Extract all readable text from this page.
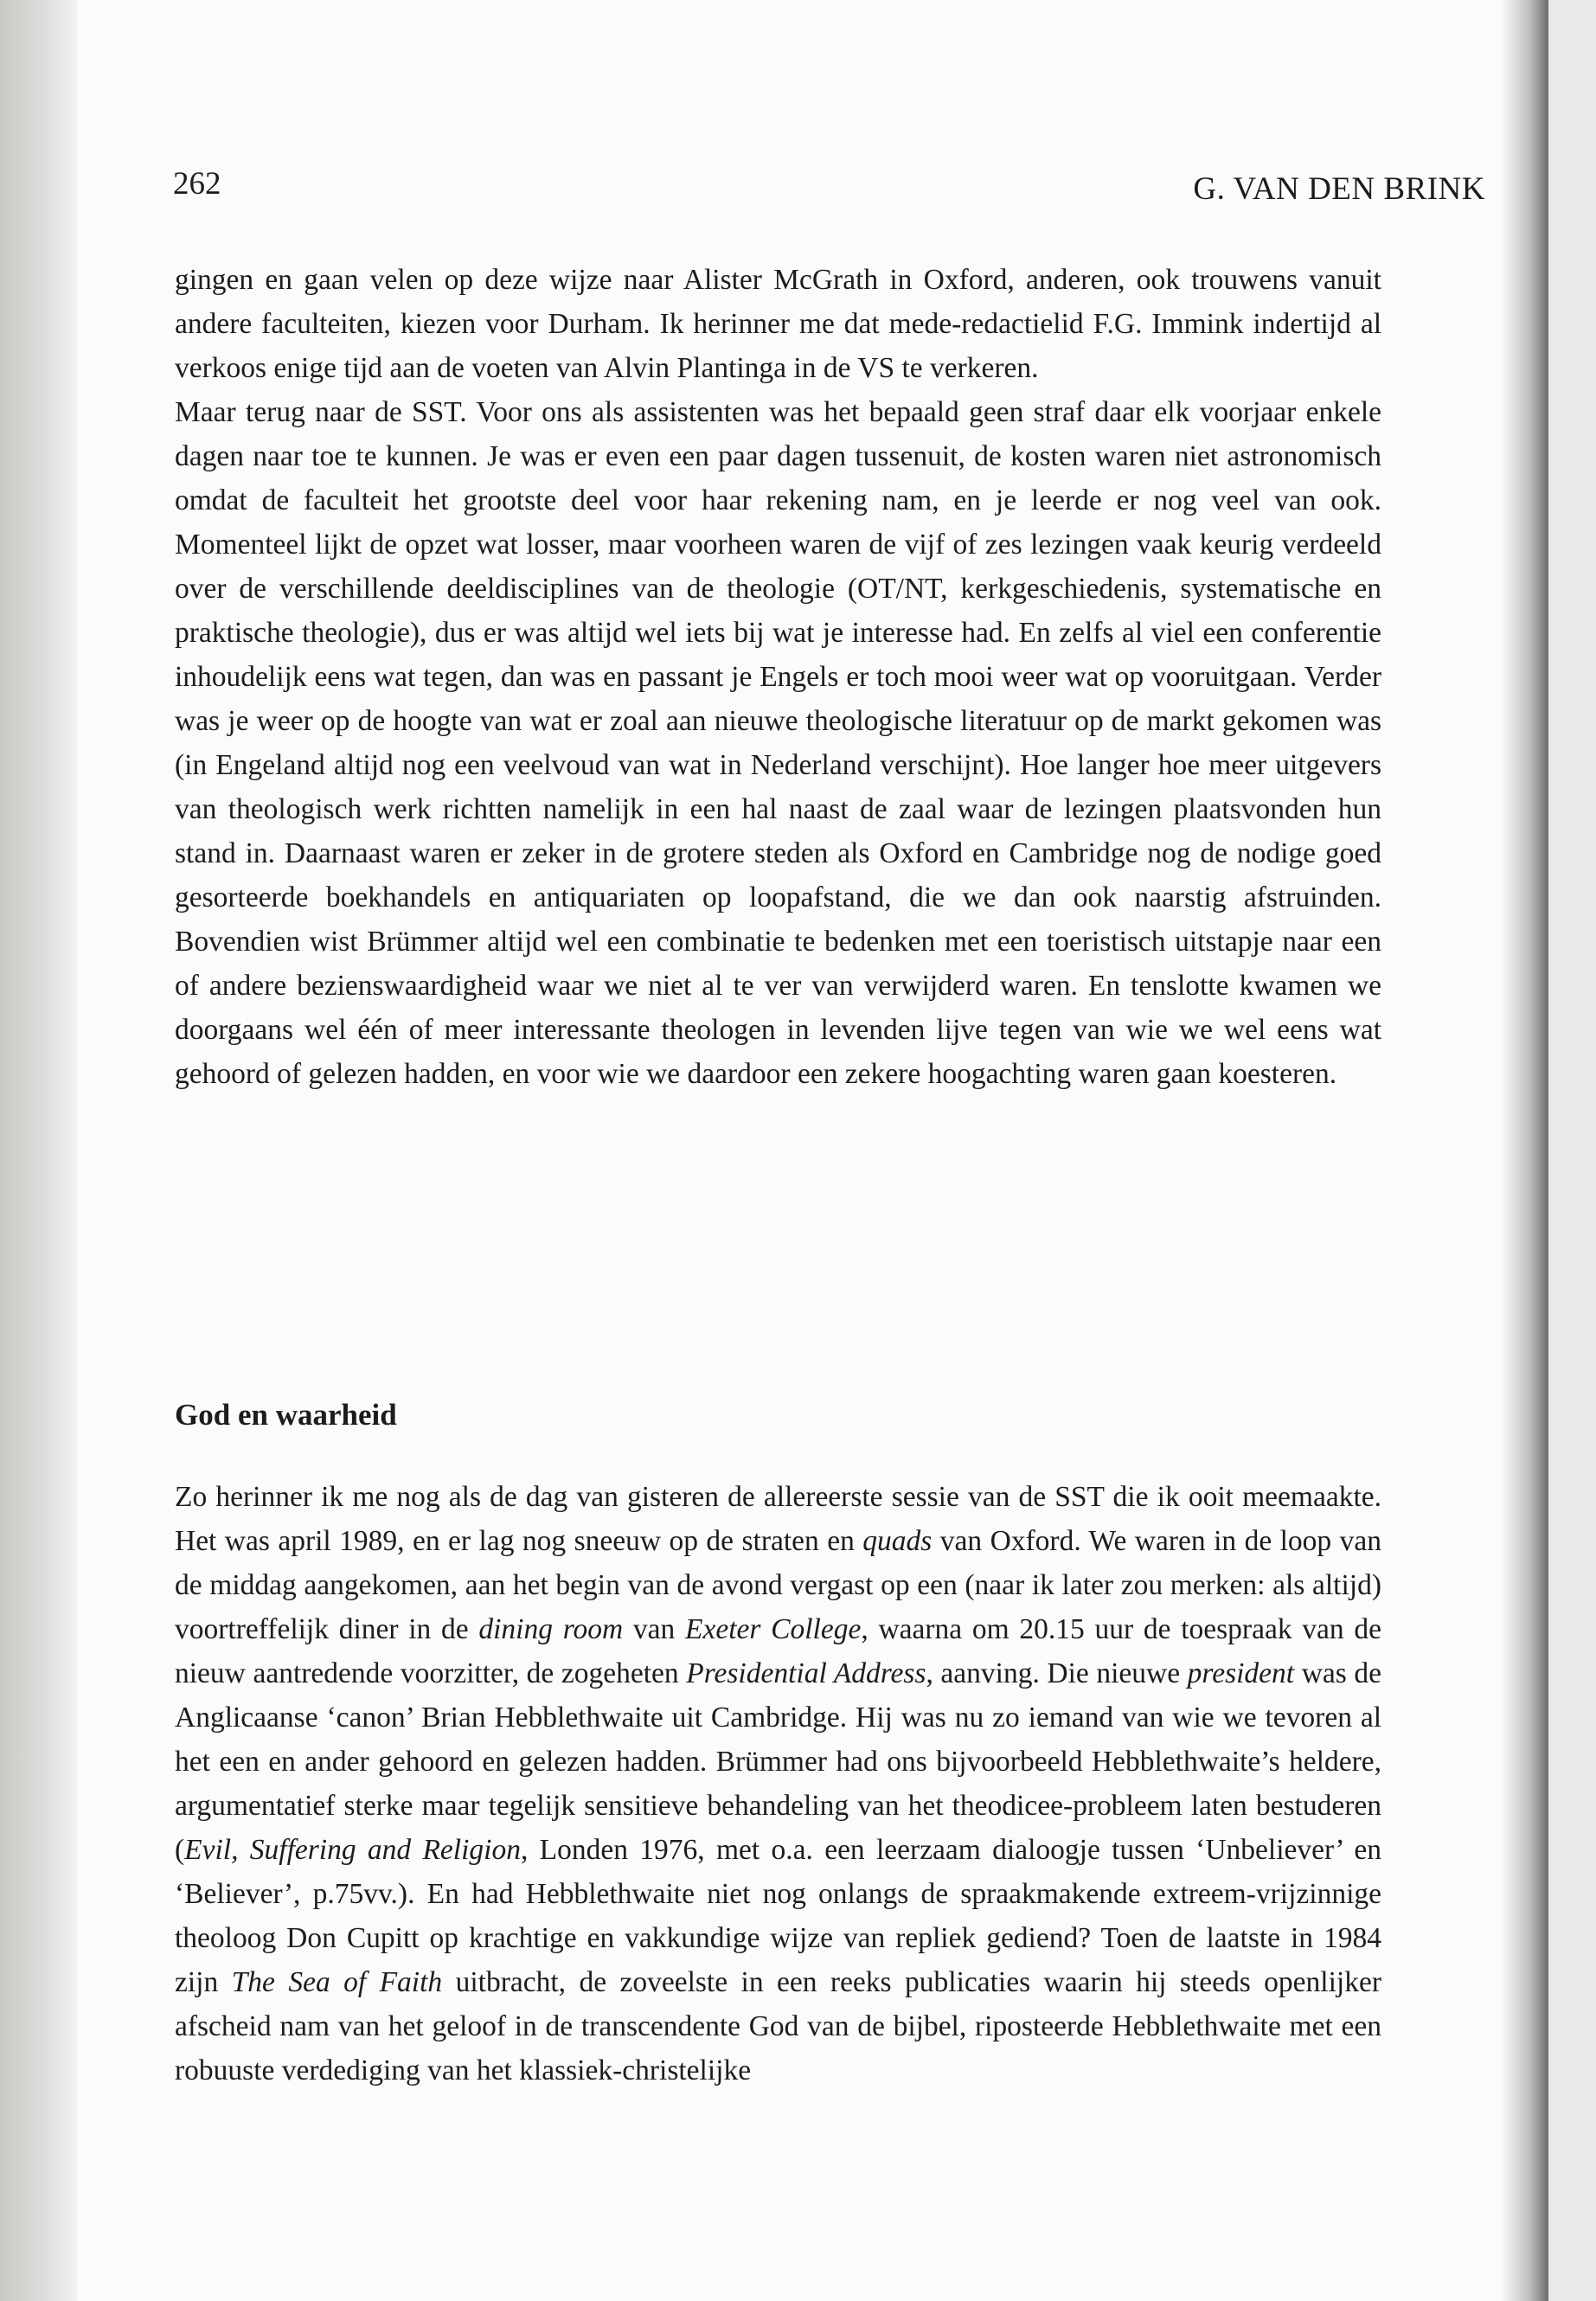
262	G. VAN DEN BRINK

gingen en gaan velen op deze wijze naar Alister McGrath in Oxford, anderen, ook trouwens vanuit andere faculteiten, kiezen voor Durham. Ik herinner me dat mede-redactielid F.G. Immink indertijd al verkoos enige tijd aan de voeten van Alvin Plantinga in de VS te verkeren.

Maar terug naar de SST. Voor ons als assistenten was het bepaald geen straf daar elk voorjaar enkele dagen naar toe te kunnen. Je was er even een paar dagen tussenuit, de kosten waren niet astronomisch omdat de faculteit het grootste deel voor haar rekening nam, en je leerde er nog veel van ook. Momenteel lijkt de opzet wat losser, maar voorheen waren de vijf of zes lezingen vaak keurig verdeeld over de verschillende deeldisciplines van de theologie (OT/NT, kerkgeschiedenis, systematische en praktische theologie), dus er was altijd wel iets bij wat je interesse had. En zelfs al viel een conferentie inhoudelijk eens wat tegen, dan was en passant je Engels er toch mooi weer wat op vooruitgaan. Verder was je weer op de hoogte van wat er zoal aan nieuwe theologische literatuur op de markt gekomen was (in Engeland altijd nog een veelvoud van wat in Nederland verschijnt). Hoe langer hoe meer uitgevers van theologisch werk richtten namelijk in een hal naast de zaal waar de lezingen plaatsvonden hun stand in. Daarnaast waren er zeker in de grotere steden als Oxford en Cambridge nog de nodige goed gesorteerde boekhandels en antiquariaten op loopafstand, die we dan ook naarstig afstruinden. Bovendien wist Brümmer altijd wel een combinatie te bedenken met een toeristisch uitstapje naar een of andere bezienswaardigheid waar we niet al te ver van verwijderd waren. En tenslotte kwamen we doorgaans wel één of meer interessante theologen in levenden lijve tegen van wie we wel eens wat gehoord of gelezen hadden, en voor wie we daardoor een zekere hoogachting waren gaan koesteren.

God en waarheid

Zo herinner ik me nog als de dag van gisteren de allereerste sessie van de SST die ik ooit meemaakte. Het was april 1989, en er lag nog sneeuw op de straten en quads van Oxford. We waren in de loop van de middag aangekomen, aan het begin van de avond vergast op een (naar ik later zou merken: als altijd) voortreffelijk diner in de dining room van Exeter College, waarna om 20.15 uur de toespraak van de nieuw aantredende voorzitter, de zogeheten Presidential Address, aanving. Die nieuwe president was de Anglicaanse ‘canon’ Brian Hebblethwaite uit Cambridge. Hij was nu zo iemand van wie we tevoren al het een en ander gehoord en gelezen hadden. Brümmer had ons bijvoorbeeld Hebblethwaite’s heldere, argumentatief sterke maar tegelijk sensitieve behandeling van het theodicee-probleem laten bestuderen (Evil, Suffering and Religion, Londen 1976, met o.a. een leerzaam dialoogje tussen ‘Unbeliever’ en ‘Believer’, p.75vv.). En had Hebblethwaite niet nog onlangs de spraakmakende extreem-vrijzinnige theoloog Don Cupitt op krachtige en vakkundige wijze van repliek gediend? Toen de laatste in 1984 zijn The Sea of Faith uitbracht, de zoveelste in een reeks publicaties waarin hij steeds openlijker afscheid nam van het geloof in de transcendente God van de bijbel, riposteerde Hebblethwaite met een robuuste verdediging van het klassiek-christelijke
